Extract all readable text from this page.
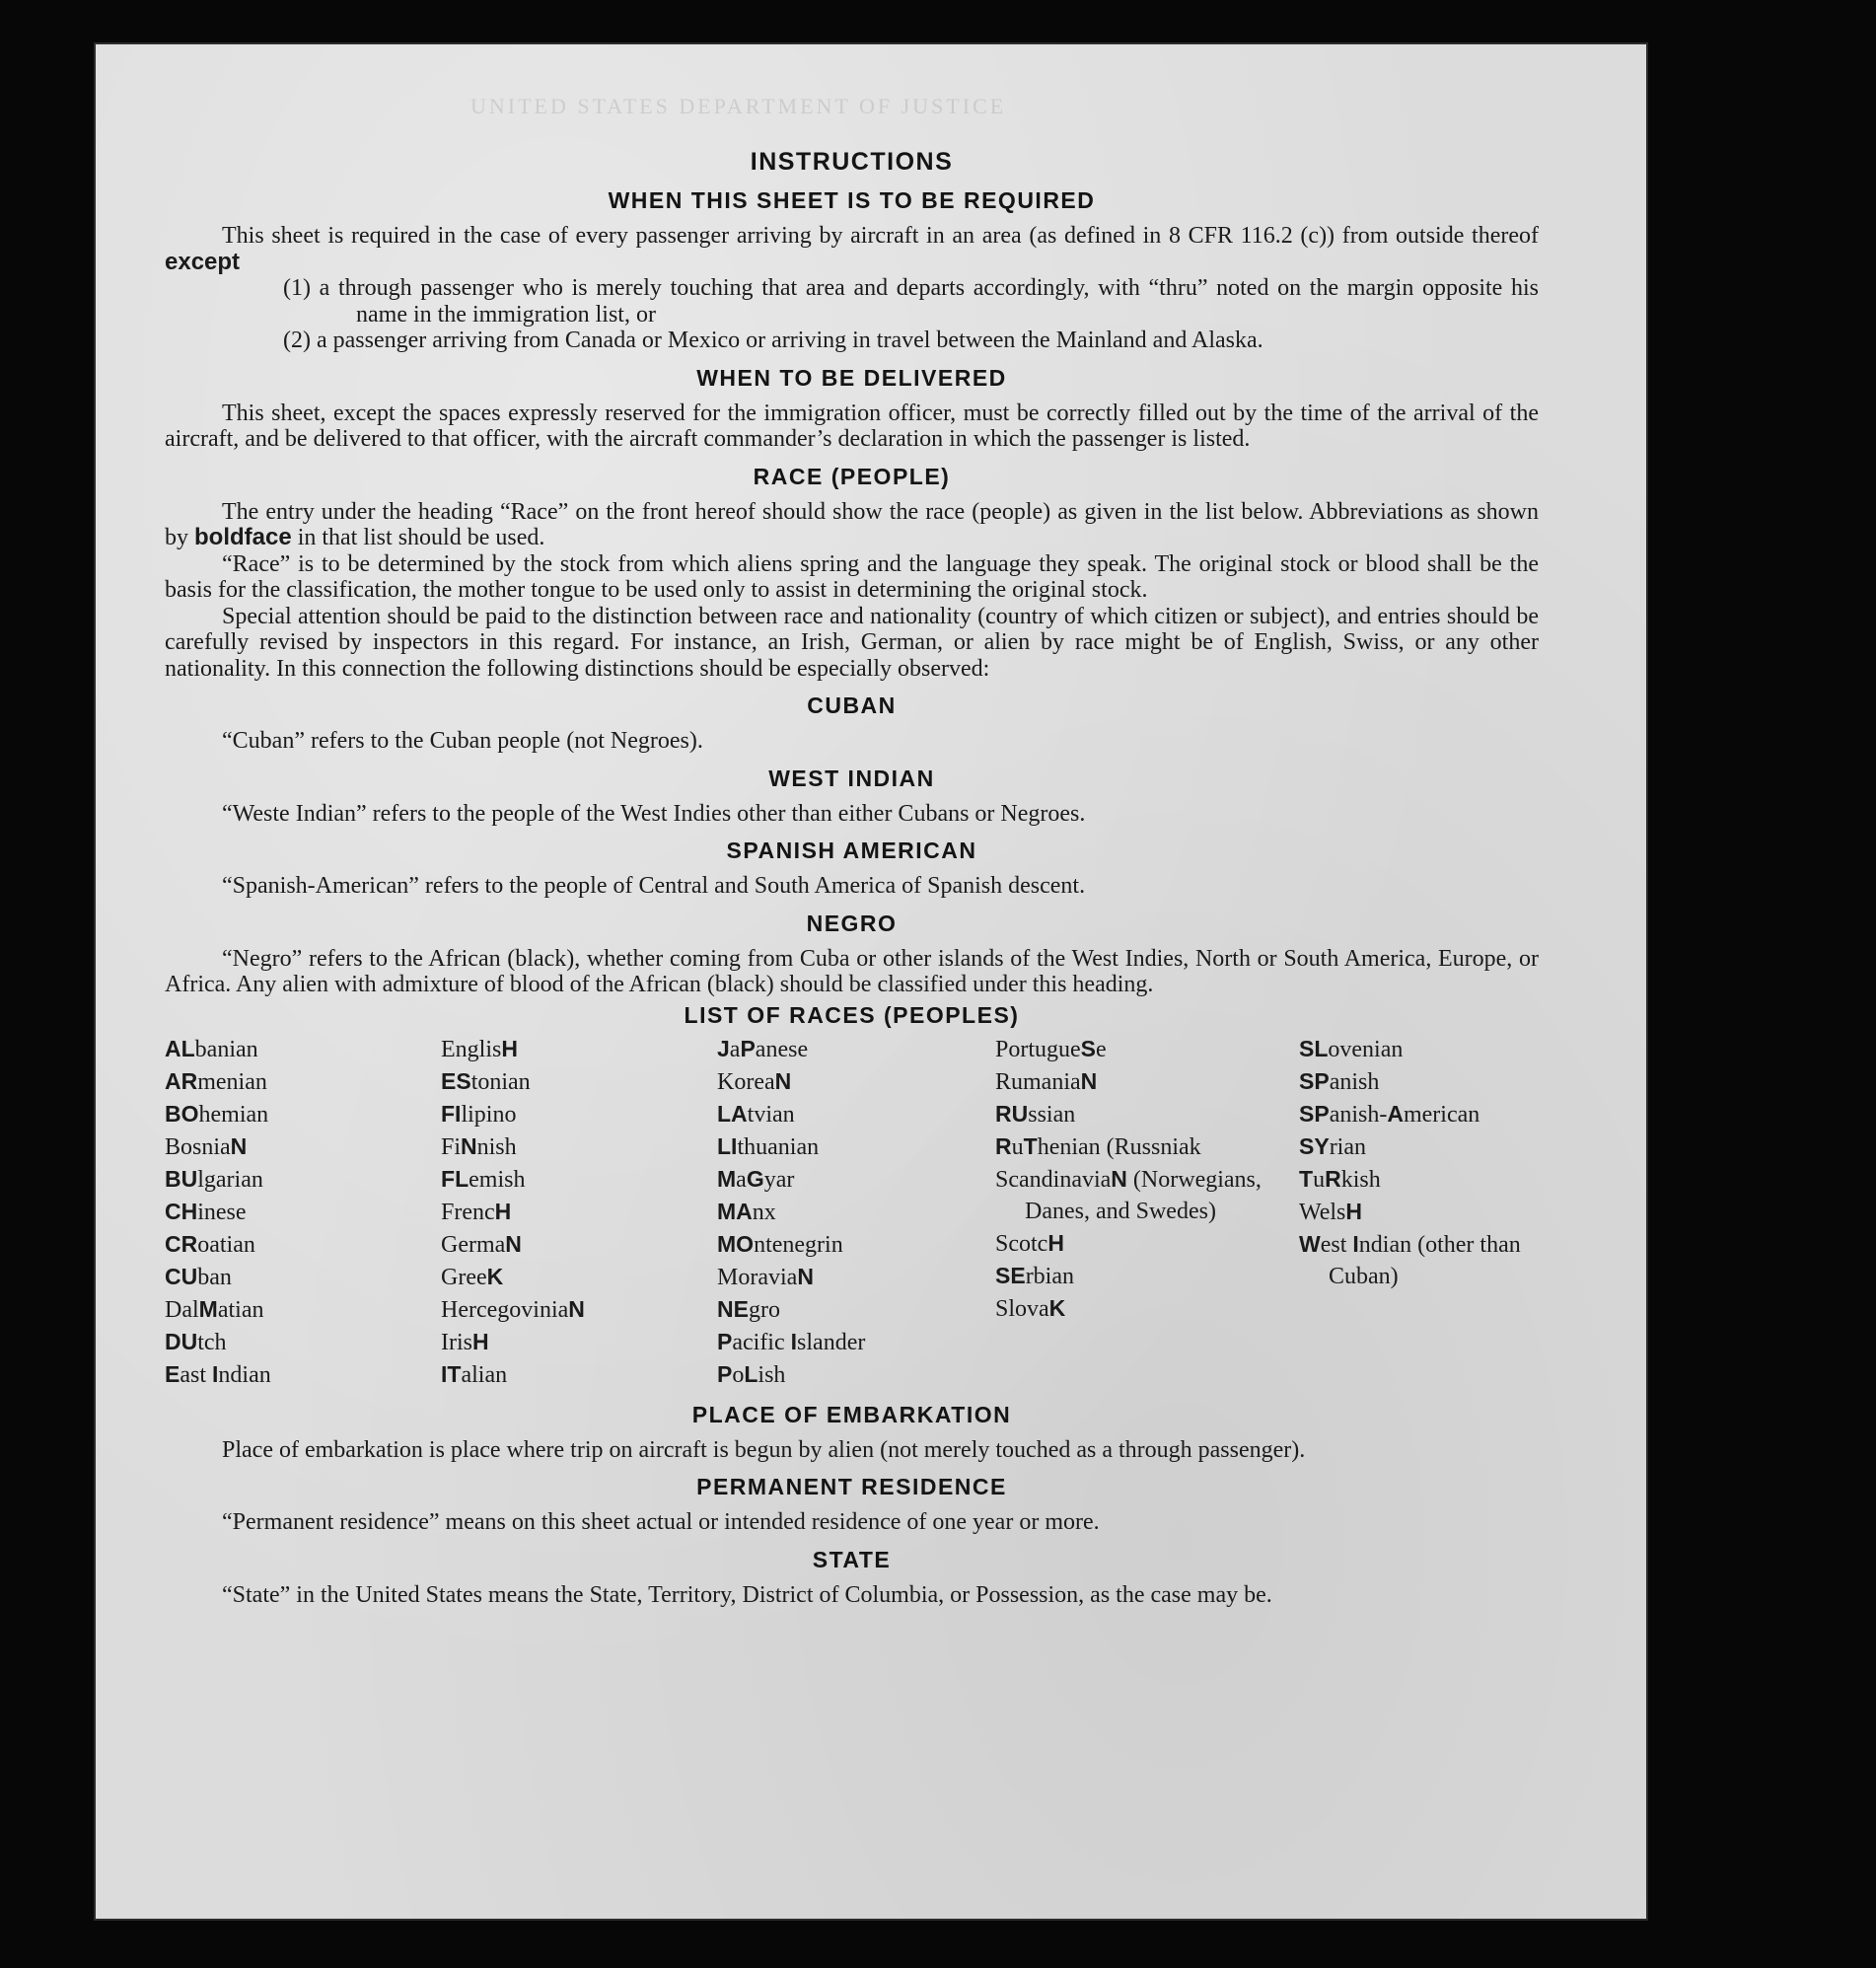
UNITED STATES DEPARTMENT OF JUSTICE
INSTRUCTIONS
WHEN THIS SHEET IS TO BE REQUIRED

This sheet is required in the case of every passenger arriving by aircraft in an area (as defined in 8 CFR 116.2 (c)) from outside thereof except

(1) a through passenger who is merely touching that area and departs accordingly, with “thru” noted on the margin opposite his name in the immigration list, or
(2) a passenger arriving from Canada or Mexico or arriving in travel between the Mainland and Alaska.
WHEN TO BE DELIVERED

This sheet, except the spaces expressly reserved for the immigration officer, must be correctly filled out by the time of the arrival of the aircraft, and be delivered to that officer, with the aircraft commander’s declaration in which the passenger is listed.

RACE (PEOPLE)

The entry under the heading “Race” on the front hereof should show the race (people) as given in the list below. Abbreviations as shown by boldface in that list should be used.

“Race” is to be determined by the stock from which aliens spring and the language they speak. The original stock or blood shall be the basis for the classification, the mother tongue to be used only to assist in determining the original stock.

Special attention should be paid to the distinction between race and nationality (country of which citizen or subject), and entries should be carefully revised by inspectors in this regard. For instance, an Irish, German, or alien by race might be of English, Swiss, or any other nationality. In this connection the following distinctions should be especially observed:

CUBAN

“Cuban” refers to the Cuban people (not Negroes).

WEST INDIAN

“Weste Indian” refers to the people of the West Indies other than either Cubans or Negroes.

SPANISH AMERICAN

“Spanish-American” refers to the people of Central and South America of Spanish descent.

NEGRO

“Negro” refers to the African (black), whether coming from Cuba or other islands of the West Indies, North or South America, Europe, or Africa. Any alien with admixture of blood of the African (black) should be classified under this heading.

LIST OF RACES (PEOPLES)
ALbanian
ARmenian
BOhemian
BosniaN
BUlgarian
CHinese
CRoatian
CUban
DalMatian
DUtch
East Indian
EnglisH
EStonian
FIlipino
FiNnish
FLemish
FrencH
GermaN
GreeK
HercegoviniaN
IrisH
ITalian
JaPanese
KoreaN
LAtvian
LIthuanian
MaGyar
MAnx
MOntenegrin
MoraviaN
NEgro
Pacific Islander
PoLish
PortugueSe
RumaniaN
RUssian
RuThenian (Russniak
ScandinaviaN (Norwegians, Danes, and Swedes)
ScotcH
SErbian
SlovaK
SLovenian
SPanish
SPanish-American
SYrian
TuRkish
WelsH
West Indian (other than Cuban)
PLACE OF EMBARKATION

Place of embarkation is place where trip on aircraft is begun by alien (not merely touched as a through passenger).

PERMANENT RESIDENCE

“Permanent residence” means on this sheet actual or intended residence of one year or more.

STATE

“State” in the United States means the State, Territory, District of Columbia, or Possession, as the case may be.
